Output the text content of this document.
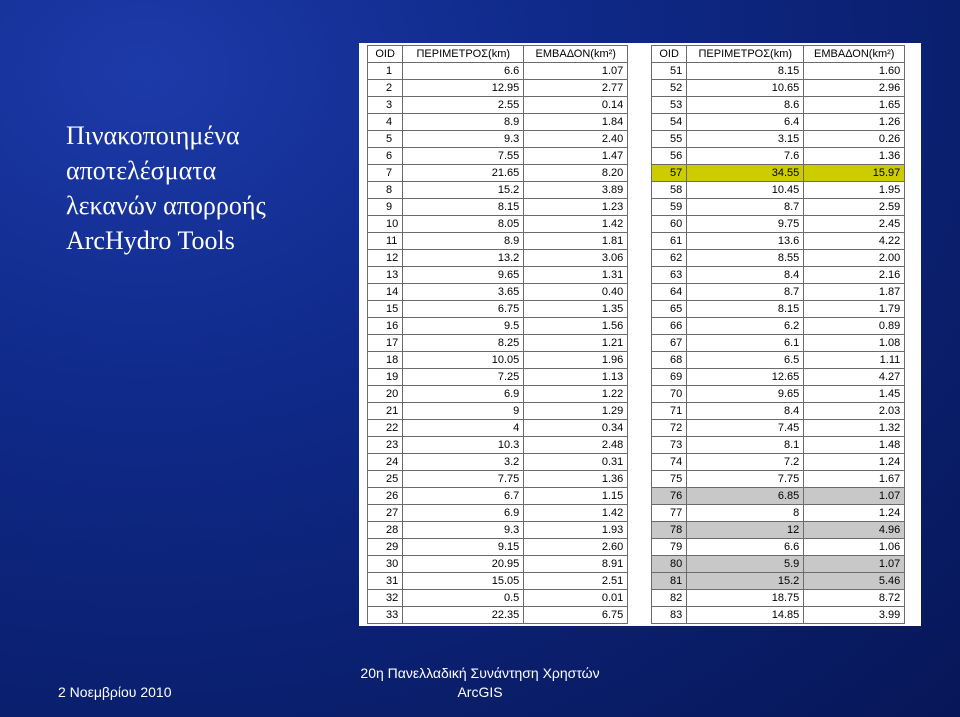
Πινακοποιημένα
αποτελέσματα
λεκανών απορροής
ArcHydro Tools
OID	ΠΕΡΙΜΕΤΡΟΣ(km)	ΕΜΒΑΔΟΝ(km²)
1	6.6	1.07
2	12.95	2.77
3	2.55	0.14
4	8.9	1.84
5	9.3	2.40
6	7.55	1.47
7	21.65	8.20
8	15.2	3.89
9	8.15	1.23
10	8.05	1.42
11	8.9	1.81
12	13.2	3.06
13	9.65	1.31
14	3.65	0.40
15	6.75	1.35
16	9.5	1.56
17	8.25	1.21
18	10.05	1.96
19	7.25	1.13
20	6.9	1.22
21	9	1.29
22	4	0.34
23	10.3	2.48
24	3.2	0.31
25	7.75	1.36
26	6.7	1.15
27	6.9	1.42
28	9.3	1.93
29	9.15	2.60
30	20.95	8.91
31	15.05	2.51
32	0.5	0.01
33	22.35	6.75
OID	ΠΕΡΙΜΕΤΡΟΣ(km)	ΕΜΒΑΔΟΝ(km²)
51	8.15	1.60
52	10.65	2.96
53	8.6	1.65
54	6.4	1.26
55	3.15	0.26
56	7.6	1.36
57	34.55	15.97
58	10.45	1.95
59	8.7	2.59
60	9.75	2.45
61	13.6	4.22
62	8.55	2.00
63	8.4	2.16
64	8.7	1.87
65	8.15	1.79
66	6.2	0.89
67	6.1	1.08
68	6.5	1.11
69	12.65	4.27
70	9.65	1.45
71	8.4	2.03
72	7.45	1.32
73	8.1	1.48
74	7.2	1.24
75	7.75	1.67
76	6.85	1.07
77	8	1.24
78	12	4.96
79	6.6	1.06
80	5.9	1.07
81	15.2	5.46
82	18.75	8.72
83	14.85	3.99
2 Νοεμβρίου 2010
20η Πανελλαδική Συνάντηση Χρηστών
ArcGIS
